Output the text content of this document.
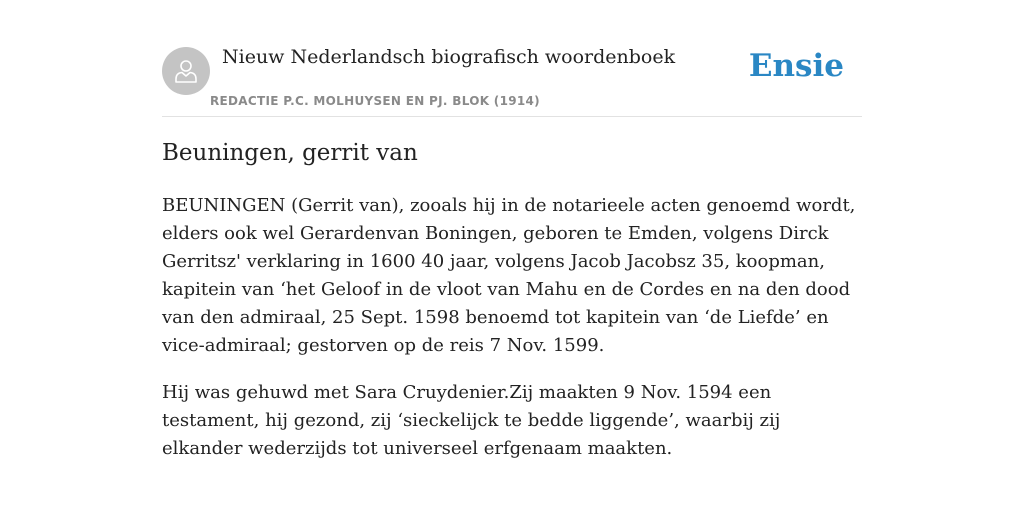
Nieuw Nederlandsch biografisch woordenboek
REDACTIE P.C. MOLHUYSEN EN PJ. BLOK (1914)
Ensie
Beuningen, gerrit van

BEUNINGEN (Gerrit van), zooals hij in de notarieele acten genoemd wordt, elders ook wel Gerardenvan Boningen, geboren te Emden, volgens Dirck Gerritsz' verklaring in 1600 40 jaar, volgens Jacob Jacobsz 35, koopman, kapitein van ‘het Geloof in de vloot van Mahu en de Cordes en na den dood van den admiraal, 25 Sept. 1598 benoemd tot kapitein van ‘de Liefde’ en vice-admiraal; gestorven op de reis 7 Nov. 1599.

Hij was gehuwd met Sara Cruydenier.Zij maakten 9 Nov. 1594 een testament, hij gezond, zij ‘sieckelijck te bedde liggende’, waarbij zij elkander wederzijds tot universeel erfgenaam maakten.
